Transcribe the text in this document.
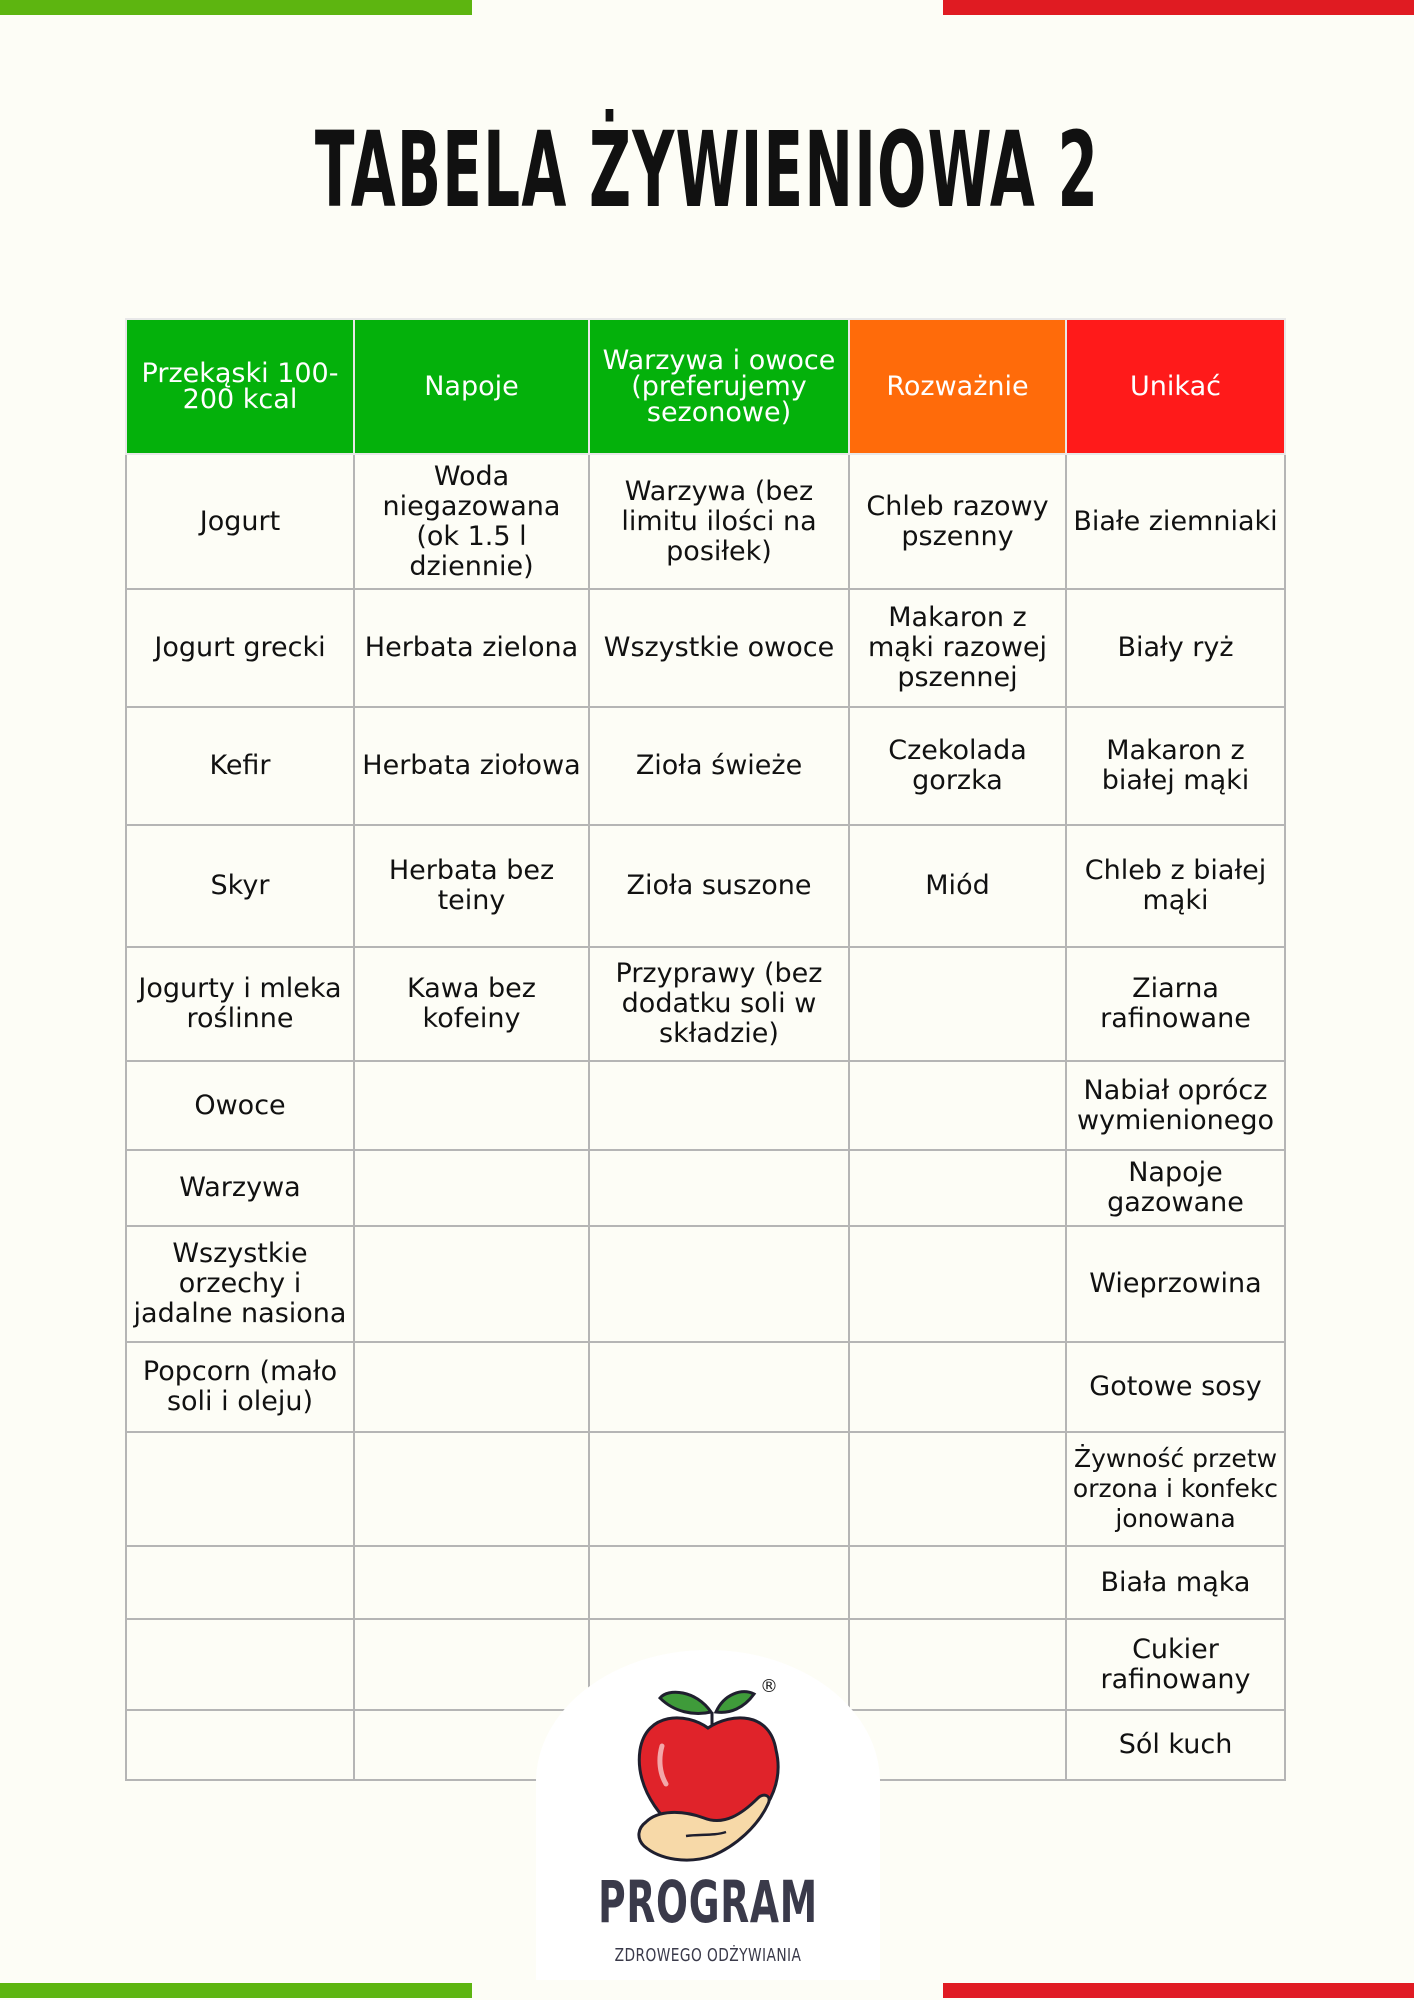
TABELA ŻYWIENIOWA 2
Przekąski 100-200 kcal	Napoje	Warzywa i owoce (preferujemy sezonowe)	Rozważnie	Unikać
Jogurt	Woda niegazowana (ok 1.5 l dziennie)	Warzywa (bez limitu ilości na posiłek)	Chleb razowy pszenny	Białe ziemniaki
Jogurt grecki	Herbata zielona	Wszystkie owoce	Makaron z mąki razowej pszennej	Biały ryż
Kefir	Herbata ziołowa	Zioła świeże	Czekolada gorzka	Makaron z białej mąki
Skyr	Herbata bez teiny	Zioła suszone	Miód	Chleb z białej mąki
Jogurty i mleka roślinne	Kawa bez kofeiny	Przyprawy (bez dodatku soli w składzie)		Ziarna rafinowane
Owoce				Nabiał oprócz wymienionego
Warzywa				Napoje gazowane
Wszystkie orzechy i jadalne nasiona				Wieprzowina
Popcorn (mało soli i oleju)				Gotowe sosy
				Żywność przetworzona i konfekcjonowana
				Biała mąka
				Cukier rafinowany
				Sól kuch
®
PROGRAM
ZDROWEGO ODŻYWIANIA
